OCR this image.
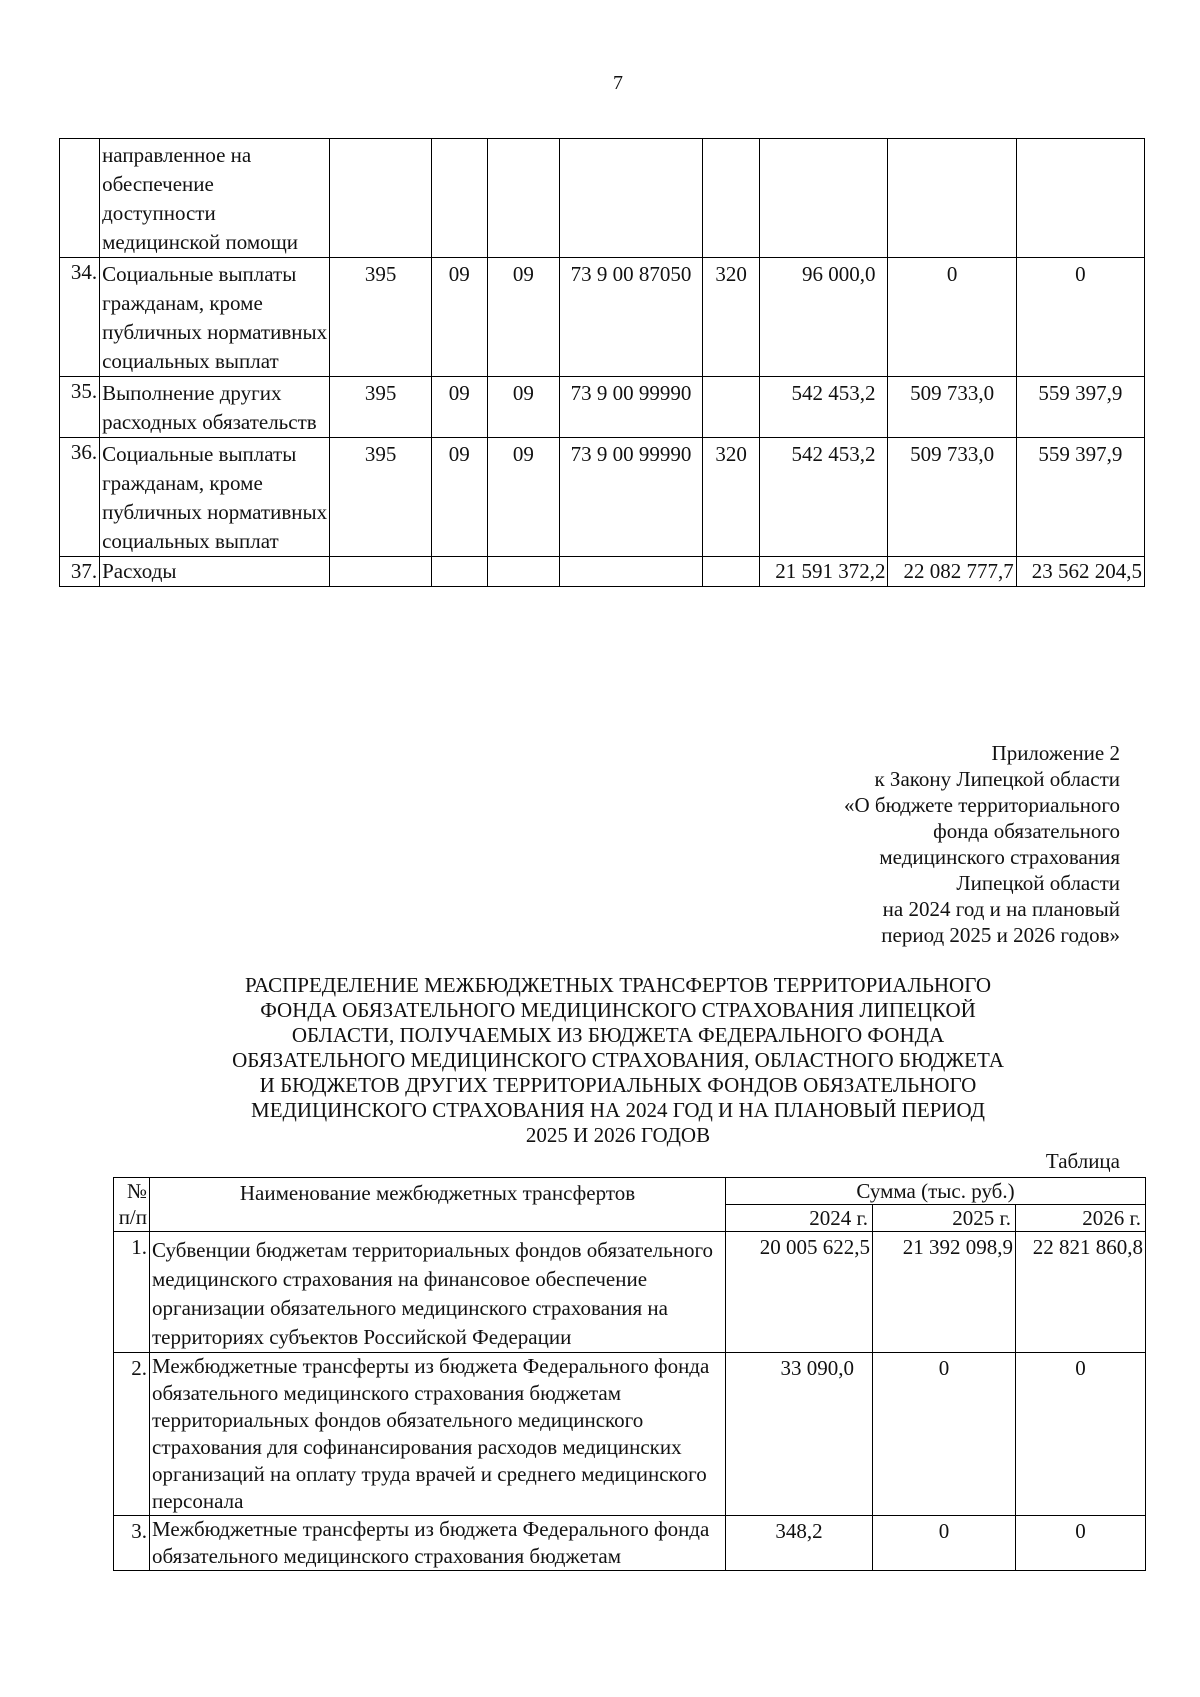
7
	направленное на обеспечение доступности медицинской помощи								
34.	Социальные выплаты гражданам, кроме публичных нормативных социальных выплат	395	09	09	73 9 00 87050	320	96 000,0	0	0
35.	Выполнение других расходных обязательств	395	09	09	73 9 00 99990		542 453,2	509 733,0	559 397,9
36.	Социальные выплаты гражданам, кроме публичных нормативных социальных выплат	395	09	09	73 9 00 99990	320	542 453,2	509 733,0	559 397,9
37.	Расходы						21 591 372,2	22 082 777,7	23 562 204,5
Приложение 2
к Закону Липецкой области
«О бюджете территориального
фонда обязательного
медицинского страхования
Липецкой области
на 2024 год и на плановый
период 2025 и 2026 годов»
РАСПРЕДЕЛЕНИЕ МЕЖБЮДЖЕТНЫХ ТРАНСФЕРТОВ ТЕРРИТОРИАЛЬНОГО
ФОНДА ОБЯЗАТЕЛЬНОГО МЕДИЦИНСКОГО СТРАХОВАНИЯ ЛИПЕЦКОЙ
ОБЛАСТИ, ПОЛУЧАЕМЫХ ИЗ БЮДЖЕТА ФЕДЕРАЛЬНОГО ФОНДА
ОБЯЗАТЕЛЬНОГО МЕДИЦИНСКОГО СТРАХОВАНИЯ, ОБЛАСТНОГО БЮДЖЕТА
И БЮДЖЕТОВ ДРУГИХ ТЕРРИТОРИАЛЬНЫХ ФОНДОВ ОБЯЗАТЕЛЬНОГО
МЕДИЦИНСКОГО СТРАХОВАНИЯ НА 2024 ГОД И НА ПЛАНОВЫЙ ПЕРИОД
2025 И 2026 ГОДОВ
Таблица
№
п/п	Наименование межбюджетных трансфертов	Сумма (тыс. руб.)		
		2024 г.	2025 г.	2026 г.
1.	Субвенции бюджетам территориальных фондов обязательного медицинского страхования на финансовое обеспечение организации обязательного медицинского страхования на территориях субъектов Российской Федерации	20 005 622,5	21 392 098,9	22 821 860,8
2.	Межбюджетные трансферты из бюджета Федерального фонда обязательного медицинского страхования бюджетам территориальных фондов обязательного медицинского страхования для софинансирования расходов медицинских организаций на оплату труда врачей и среднего медицинского персонала	33 090,0	0	0
3.	Межбюджетные трансферты из бюджета Федерального фонда обязательного медицинского страхования бюджетам	348,2	0	0
